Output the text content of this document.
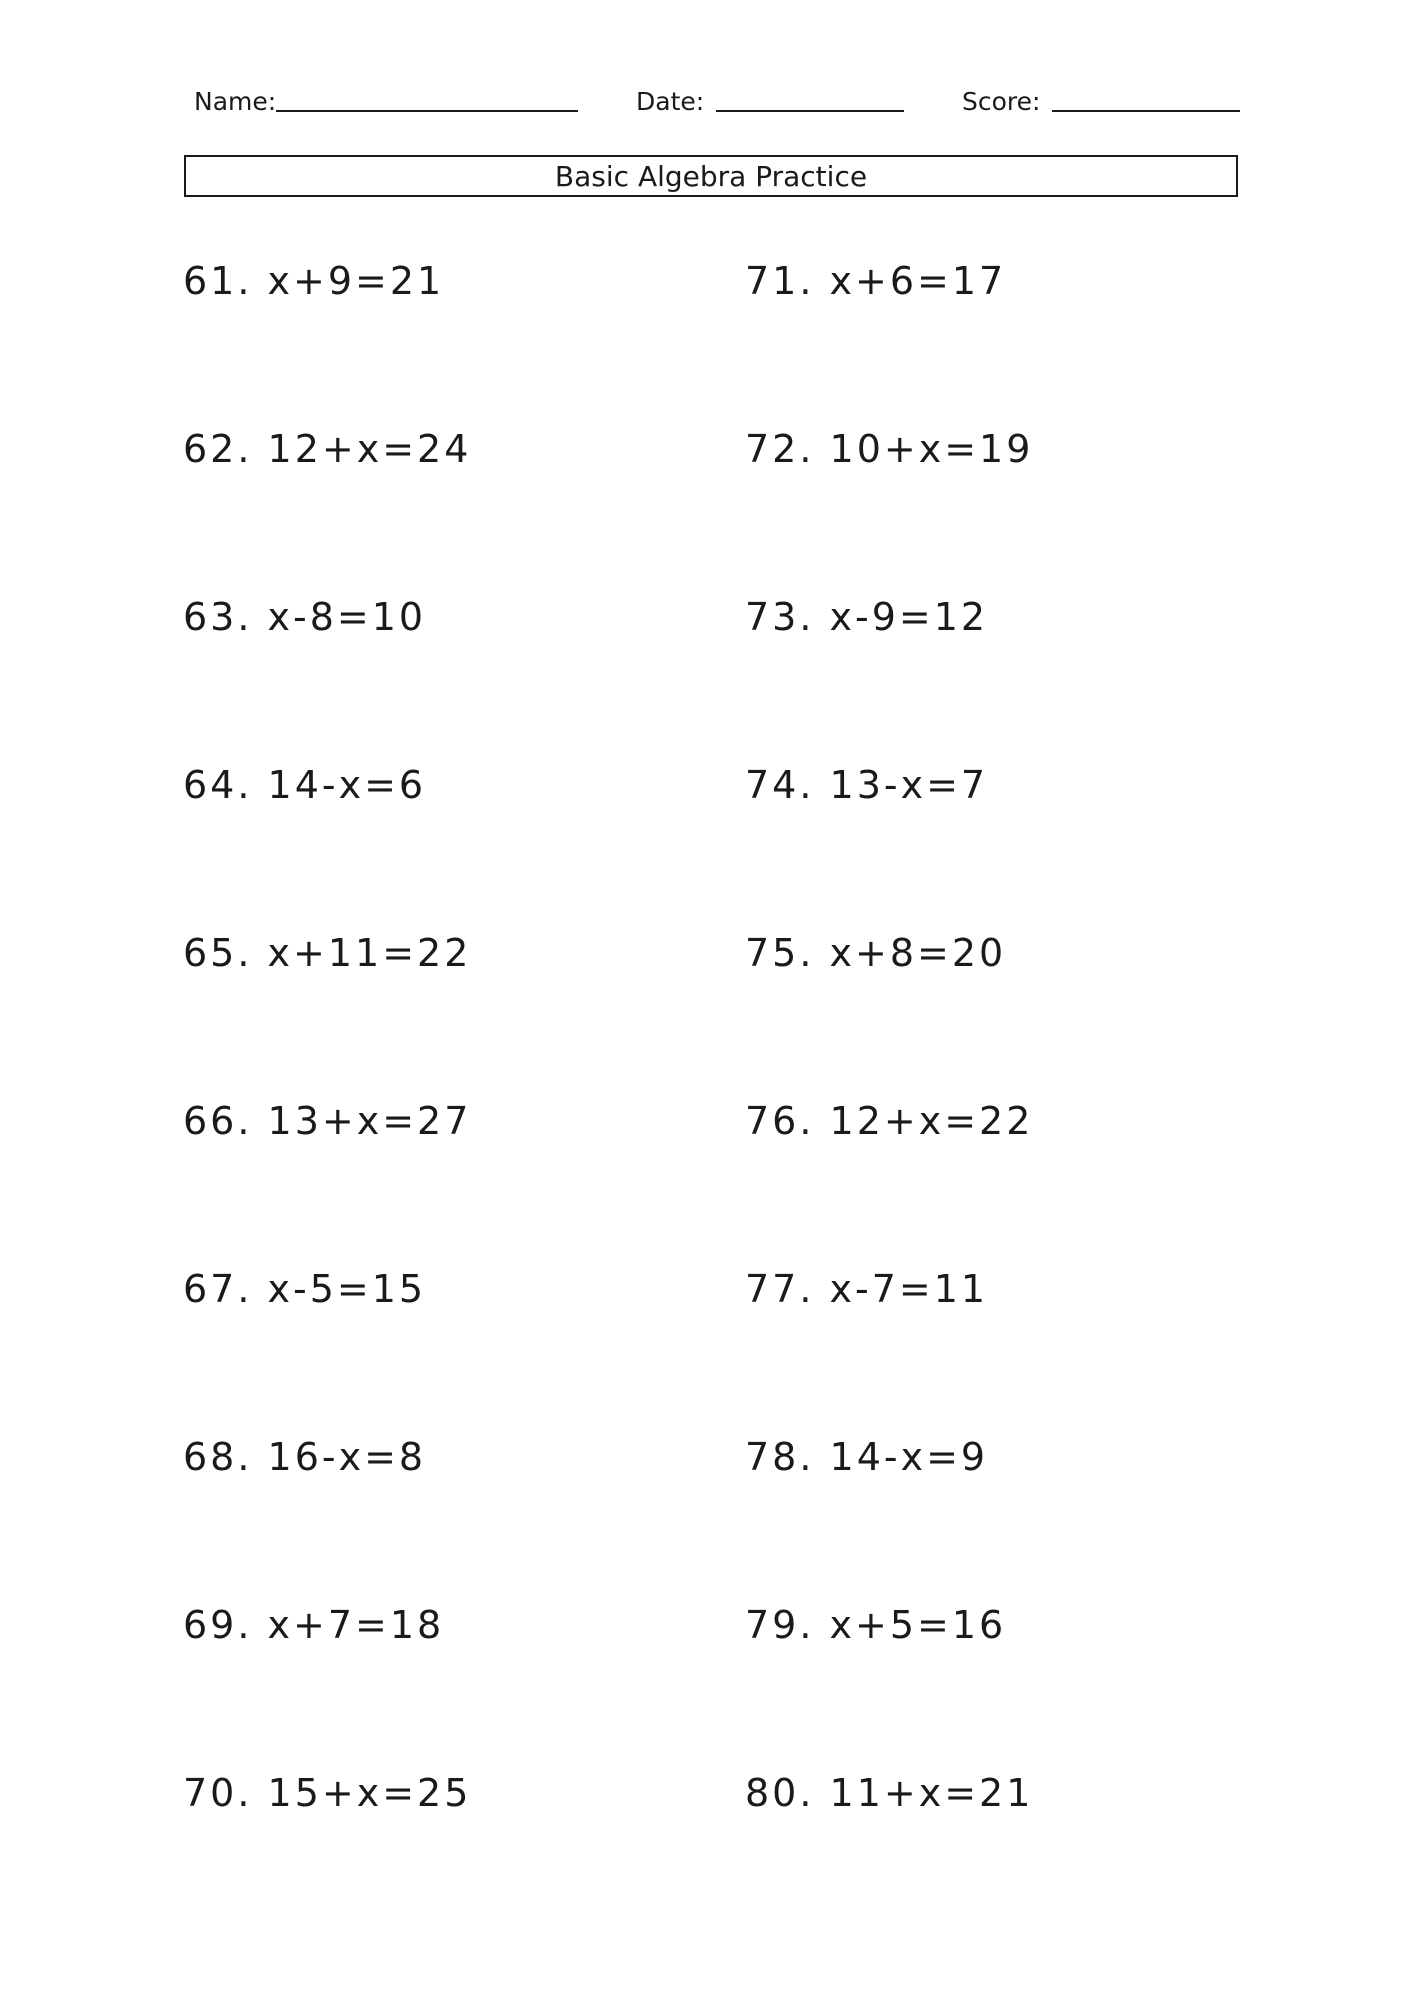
Name:	Date:	Score:
Basic Algebra Practice
61. x+9=21
62. 12+x=24
63. x-8=10
64. 14-x=6
65. x+11=22
66. 13+x=27
67. x-5=15
68. 16-x=8
69. x+7=18
70. 15+x=25
71. x+6=17
72. 10+x=19
73. x-9=12
74. 13-x=7
75. x+8=20
76. 12+x=22
77. x-7=11
78. 14-x=9
79. x+5=16
80. 11+x=21
